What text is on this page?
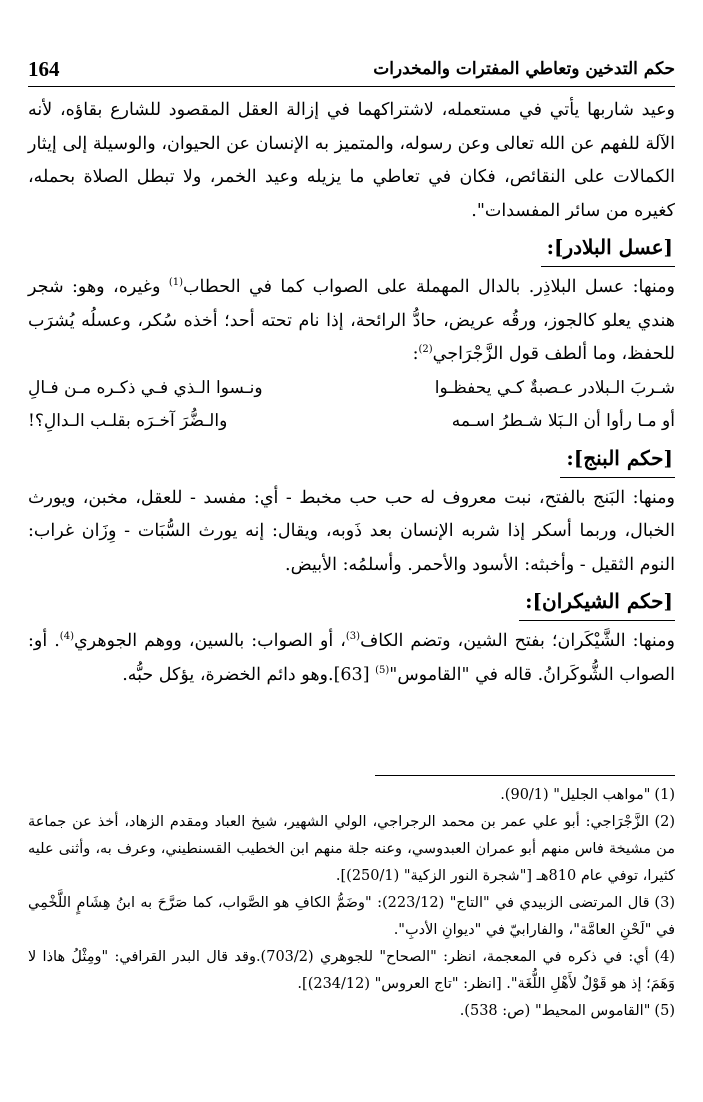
حكم التدخين وتعاطي المفترات والمخدرات
164

وعيد شاربها يأتي في مستعمله، لاشتراكهما في إزالة العقل المقصود للشارع بقاؤه، لأنه الآلة للفهم عن الله تعالى وعن رسوله، والمتميز به الإنسان عن الحيوان، والوسيلة إلى إيثار الكمالات على النقائص، فكان في تعاطي ما يزيله وعيد الخمر، ولا تبطل الصلاة بحمله، كغيره من سائر المفسدات".

[عسل البلادر]:

ومنها: عسل البلاذِر. بالدال المهملة على الصواب كما في الحطاب$^{(1)}$ وغيره، وهو: شجر هندي يعلو كالجوز، ورقُه عريض، حادُّ الرائحة، إذا نام تحته أحد؛ أخذه سُكر، وعسلُه يُشرَب للحفظ، وما ألطف قول الزَّجْرَاجي$^{(2)}$:

شـربَ الـبلادر عـصبةٌ كـي يحفظـوا
ونـسوا الـذي فـي ذكـره مـن فـالِ
أو مـا رأوا أن الـبَلا شـطرُ اسـمه
والـضُّرَ آخـرَه بقلـب الـدالِ؟!
[حكم البنج]:

ومنها: البَنج بالفتح، نبت معروف له حب حب مخبط - أي: مفسد - للعقل، مخبن، ويورث الخبال، وربما أسكر إذا شربه الإنسان بعد ذَوبه، ويقال: إنه يورث السُّبَات - وِزَان غراب: النوم الثقيل - وأخبثه: الأسود والأحمر. وأسلمُه: الأبيض.

[حكم الشيكران]:

ومنها: الشَّيْكَران؛ بفتح الشين، وتضم الكاف$^{(3)}$، أو الصواب: بالسين، ووهم الجوهري$^{(4)}$. أو: الصواب الشُّوكَرانُ. قاله في "القاموس"$^{(5)}$ [63].وهو دائم الخضرة، يؤكل حبُّه.

(1) "مواهب الجليل" (90/1).

(2) الزَّجْرَاجي: أبو علي عمر بن محمد الرجراجي، الولي الشهير، شيخ العباد ومقدم الزهاد، أخذ عن جماعة من مشيخة فاس منهم أبو عمران العبدوسي، وعنه جلة منهم ابن الخطيب القسنطيني، وعرف به، وأثنى عليه كثيرا، توفي عام 810هـ ["شجرة النور الزكية" (250/1)].

(3) قال المرتضى الزبيدي في "التاج" (223/12): "وضَمُّ الكافِ هو الصَّواب، كما صَرَّحَ به ابنُ هِشَامٍ اللَّخْمِي في "لَحْنِ العامَّة"، والفارابيّ في "ديوانِ الأدبِ".

(4) أي: في ذكره في المعجمة، انظر: "الصحاح" للجوهري (703/2).وقد قال البدر القرافي: "ومِثْلُ هاذا لا وَهَمَ؛ إذ هو قَوْلٌ لأَهْلِ اللُّغَة". [انظر: "تاج العروس" (234/12)].

(5) "القاموس المحيط" (ص: 538).
